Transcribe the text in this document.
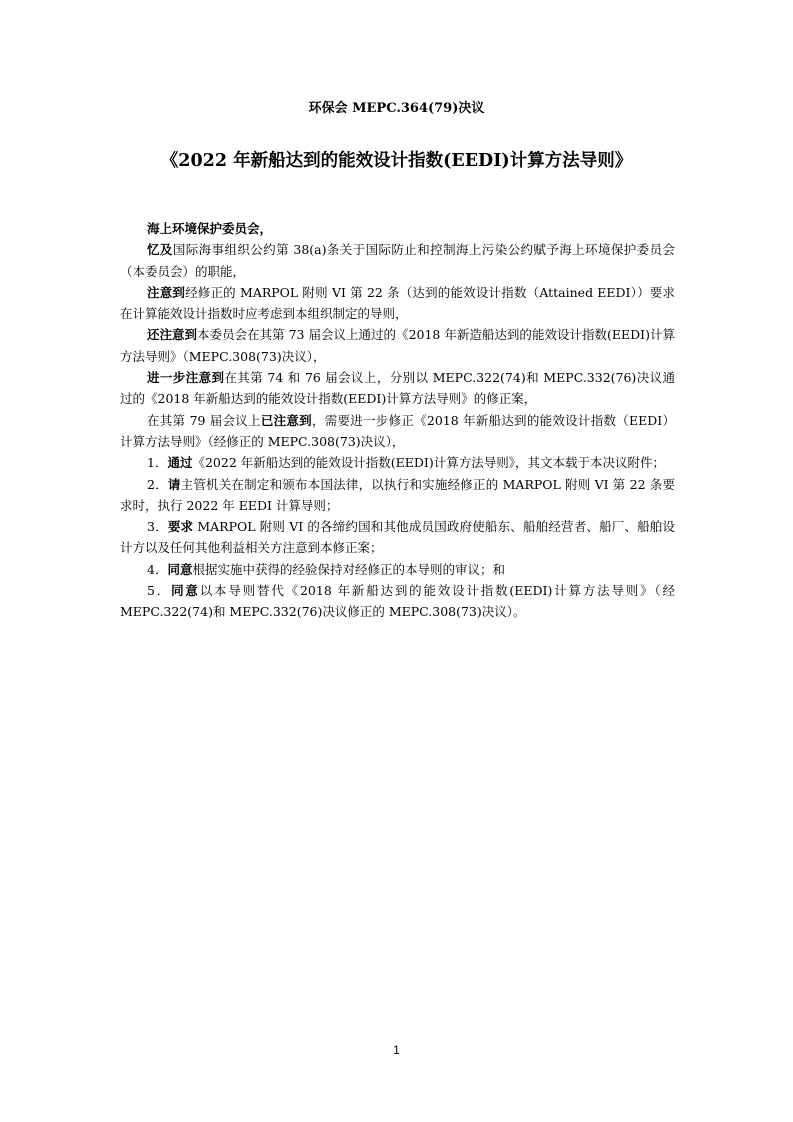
环保会 MEPC.364(79)决议
《2022 年新船达到的能效设计指数(EEDI)计算方法导则》

海上环境保护委员会，

忆及国际海事组织公约第 38(a)条关于国际防止和控制海上污染公约赋予海上环境保护委员会（本委员会）的职能，

注意到经修正的 MARPOL 附则 VI 第 22 条（达到的能效设计指数（Attained EEDI））要求在计算能效设计指数时应考虑到本组织制定的导则，

还注意到本委员会在其第 73 届会议上通过的《2018 年新造船达到的能效设计指数(EEDI)计算方法导则》（MEPC.308(73)决议），

进一步注意到在其第 74 和 76 届会议上，分别以 MEPC.322(74)和 MEPC.332(76)决议通过的《2018 年新船达到的能效设计指数(EEDI)计算方法导则》的修正案，

在其第 79 届会议上已注意到，需要进一步修正《2018 年新船达到的能效设计指数（EEDI）计算方法导则》（经修正的 MEPC.308(73)决议），

1．通过《2022 年新船达到的能效设计指数(EEDI)计算方法导则》，其文本载于本决议附件；

2．请主管机关在制定和颁布本国法律，以执行和实施经修正的 MARPOL 附则 VI 第 22 条要求时，执行 2022 年 EEDI 计算导则；

3．要求 MARPOL 附则 VI 的各缔约国和其他成员国政府使船东、船舶经营者、船厂、船舶设计方以及任何其他利益相关方注意到本修正案；

4．同意根据实施中获得的经验保持对经修正的本导则的审议；和

5．同意以本导则替代《2018 年新船达到的能效设计指数(EEDI)计算方法导则》（经 MEPC.322(74)和 MEPC.332(76)决议修正的 MEPC.308(73)决议）。

1
